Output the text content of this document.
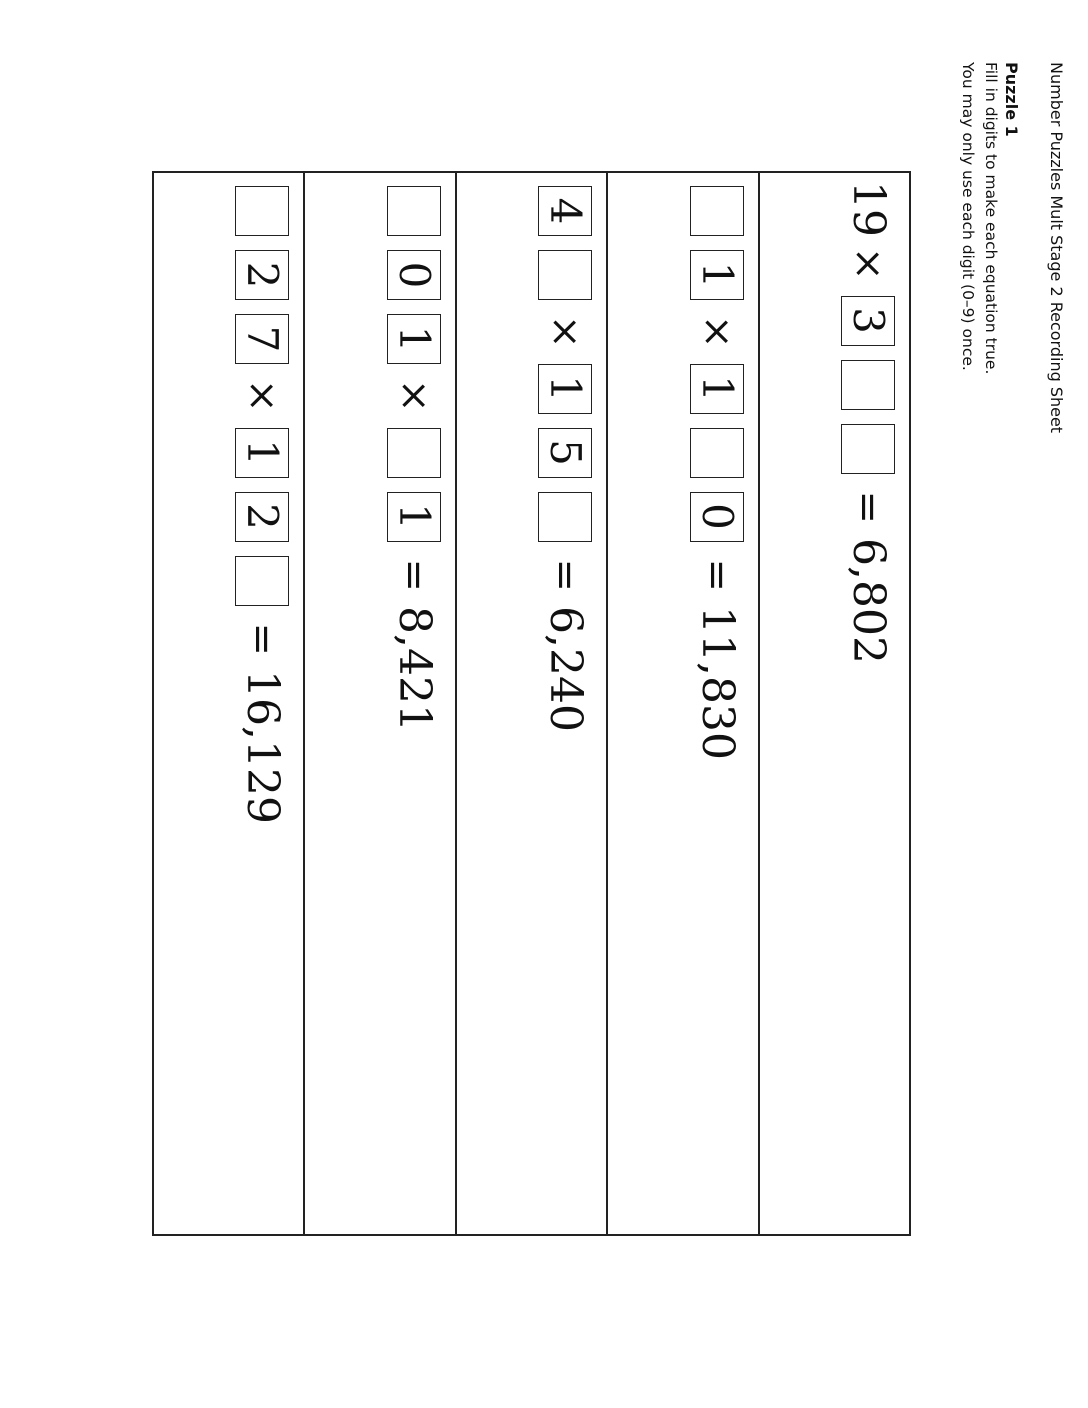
Number Puzzles Mult Stage 2 Recording Sheet
Puzzle 1
Fill in digits to make each equation true.
You may only use each digit (0–9) once.
19
×
3
=
6,802
1
×
1
0
=
11,830
4
×
1
5
=
6,240
0
1
×
1
=
8,421
2
7
×
1
2
=
16,129
